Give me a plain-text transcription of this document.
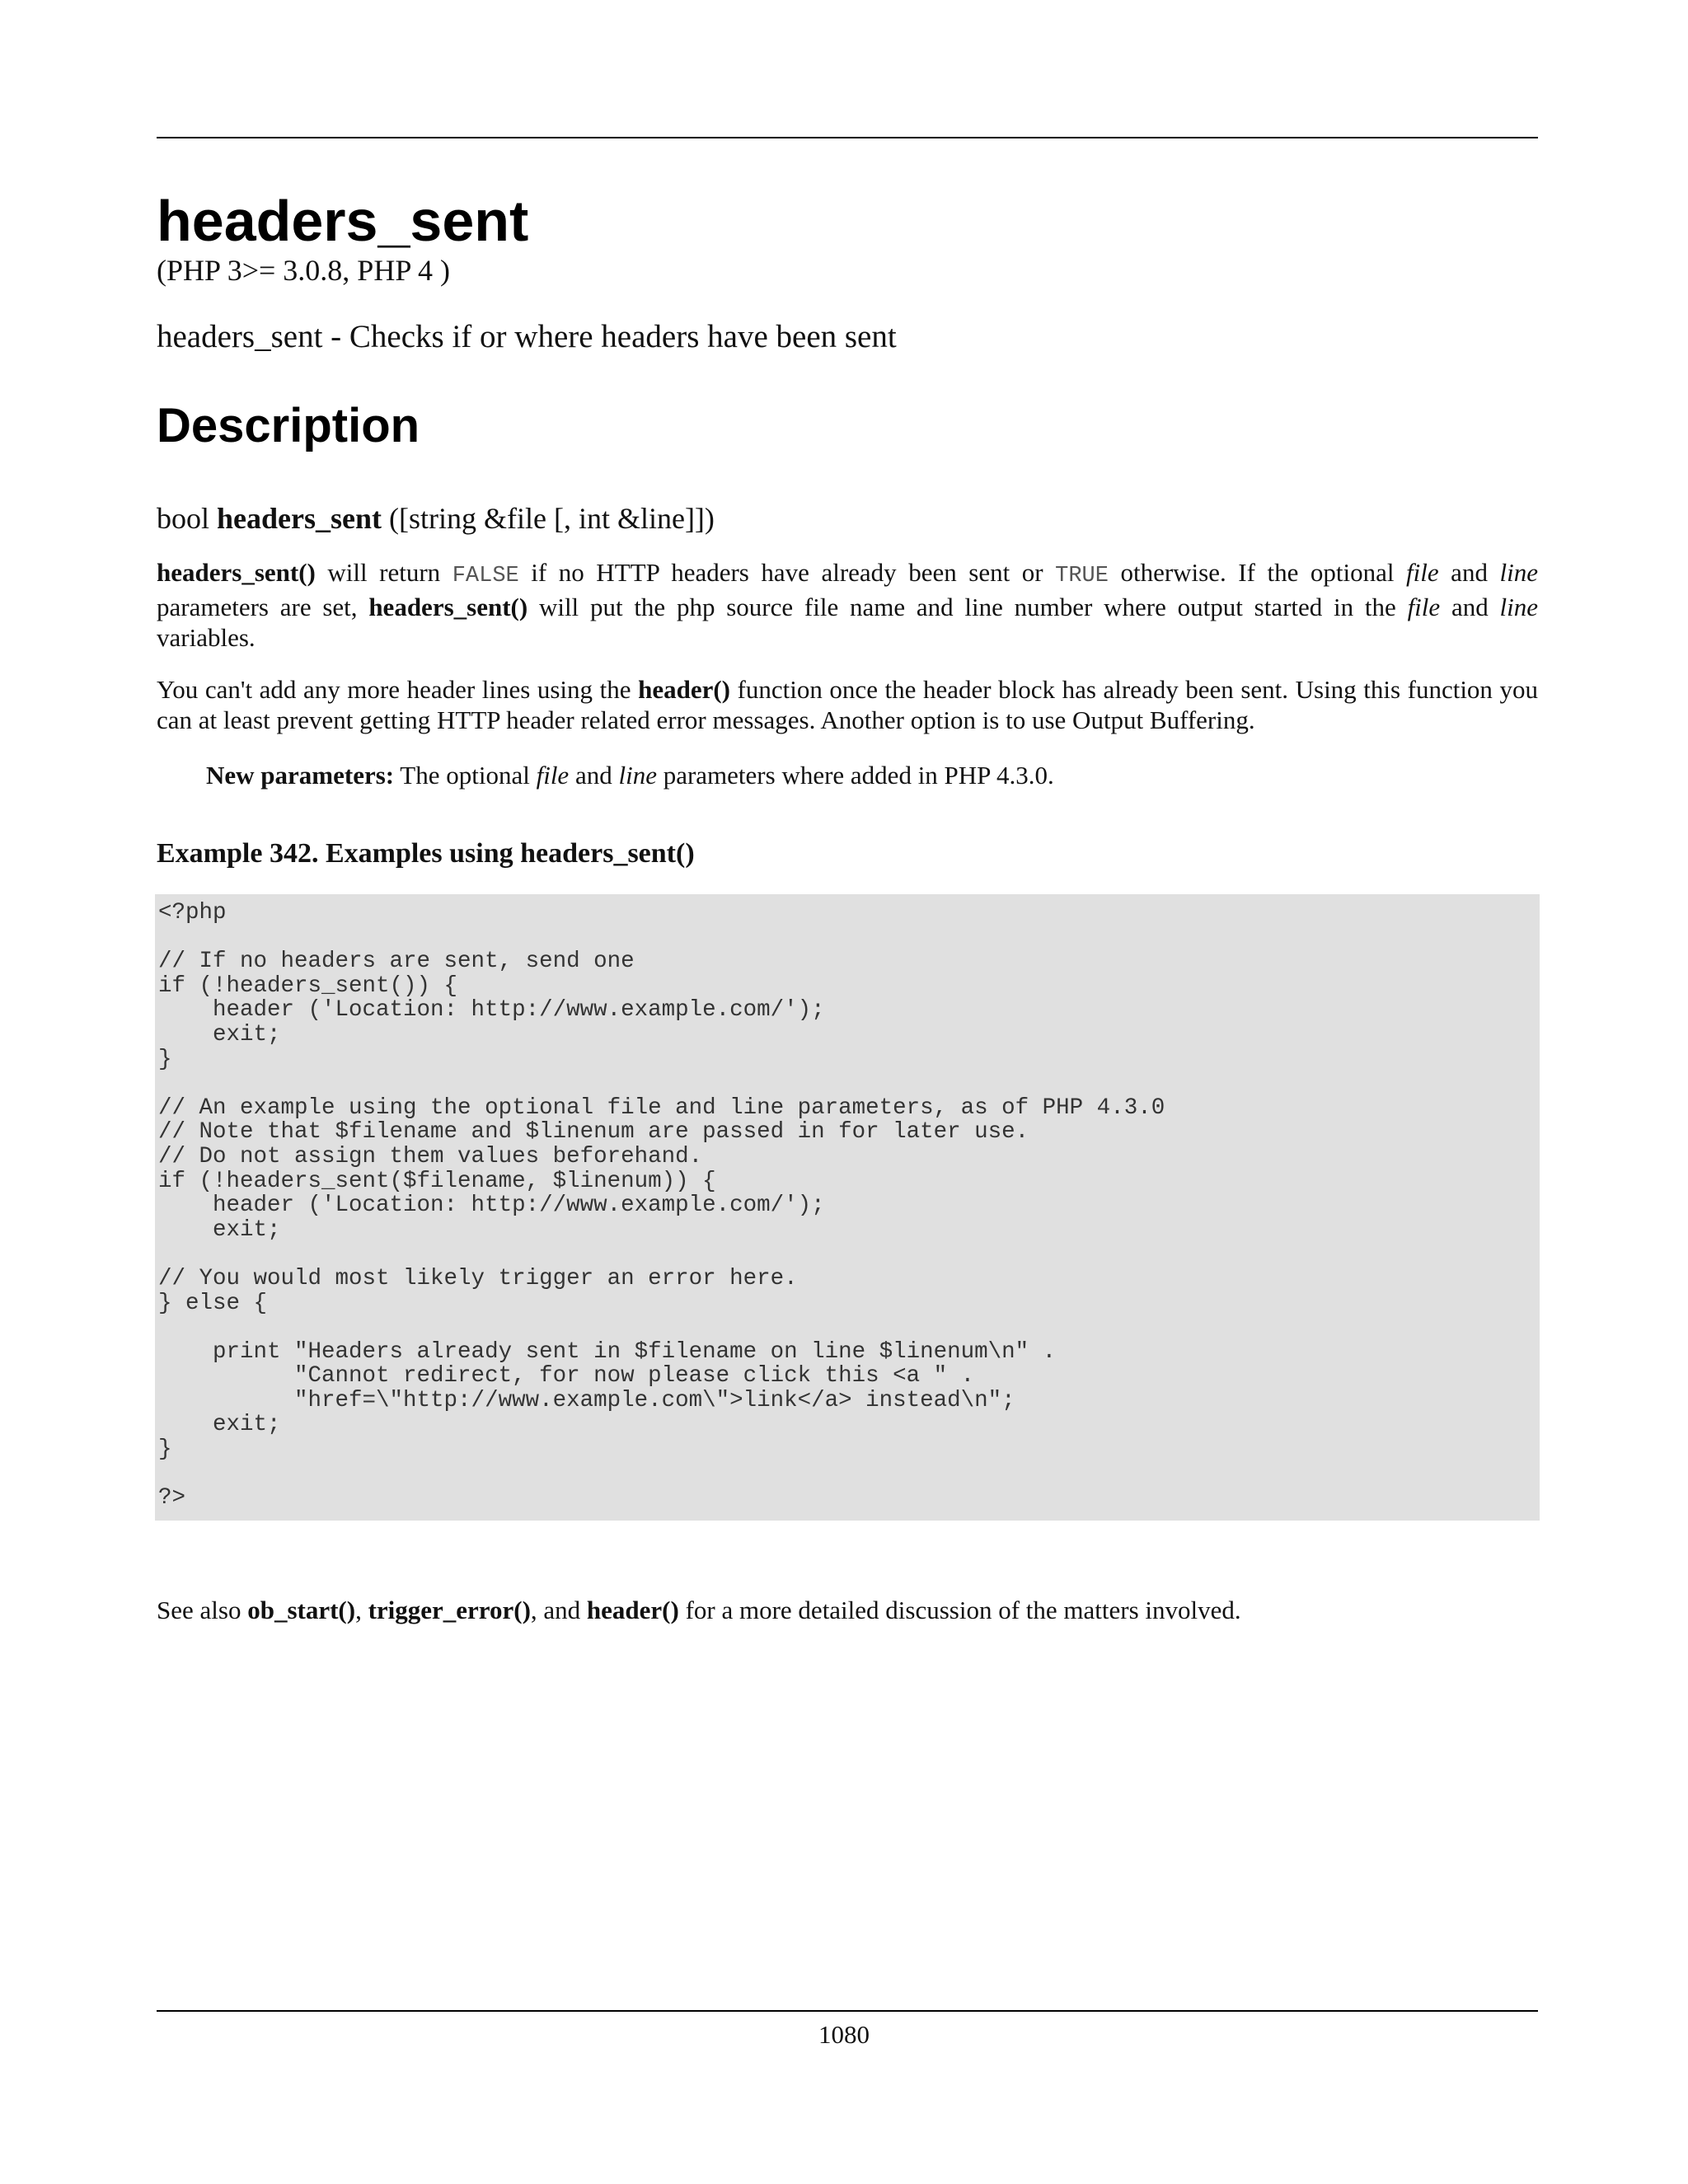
headers_sent

(PHP 3>= 3.0.8, PHP 4 )

headers_sent - Checks if or where headers have been sent

Description

bool headers_sent ([string &file [, int &line]])

headers_sent() will return FALSE if no HTTP headers have already been sent or TRUE otherwise. If the optional file and line parameters are set, headers_sent() will put the php source file name and line number where output started in the file and line variables.

You can't add any more header lines using the header() function once the header block has already been sent. Using this function you can at least prevent getting HTTP header related error messages. Another option is to use Output Buffering.

New parameters: The optional file and line parameters where added in PHP 4.3.0.

Example 342. Examples using headers_sent()

<?php
// If no headers are sent, send one
if (!headers_sent()) {
header ('Location: http://www.example.com/');
exit;
}
// An example using the optional file and line parameters, as of PHP 4.3.0
// Note that $filename and $linenum are passed in for later use.
// Do not assign them values beforehand.
if (!headers_sent($filename, $linenum)) {
header ('Location: http://www.example.com/');
exit;
// You would most likely trigger an error here.
} else {
print "Headers already sent in $filename on line $linenum\n" .
"Cannot redirect, for now please click this <a " .
"href=\"http://www.example.com\">link</a> instead\n";
exit;
}
?>

See also ob_start(), trigger_error(), and header() for a more detailed discussion of the matters involved.

1080
